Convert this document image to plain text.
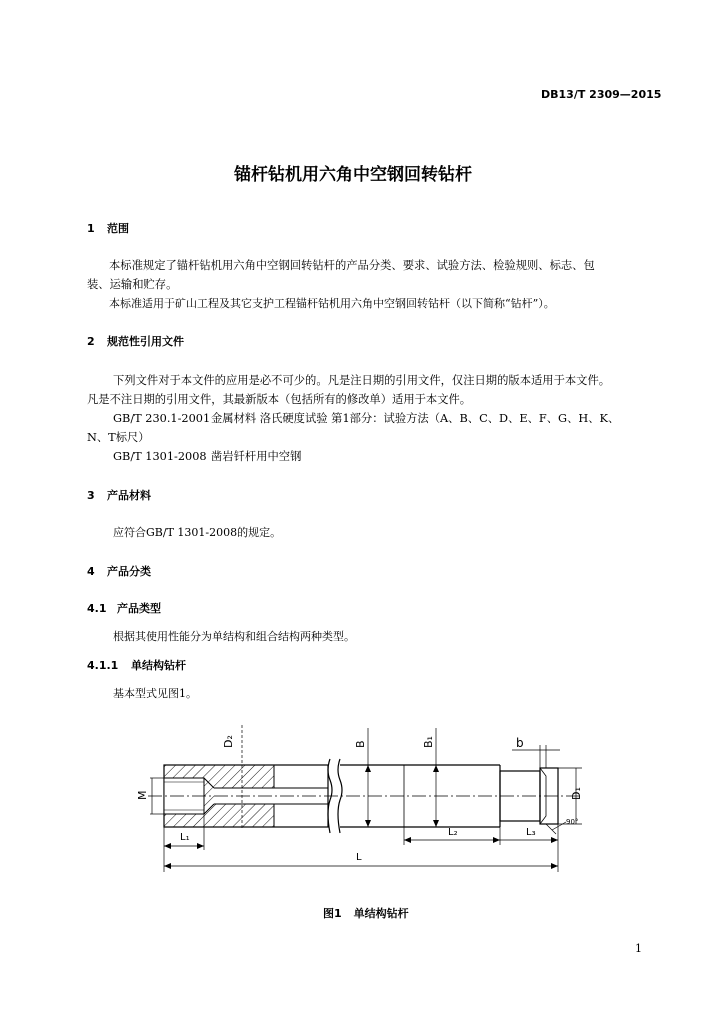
DB13/T 2309—2015
锚杆钻机用六角中空钢回转钻杆
1 范围
本标准规定了锚杆钻机用六角中空钢回转钻杆的产品分类、要求、试验方法、检验规则、标志、包
装、运输和贮存。
本标准适用于矿山工程及其它支护工程锚杆钻机用六角中空钢回转钻杆（以下简称“钻杆”）。
2 规范性引用文件
下列文件对于本文件的应用是必不可少的。凡是注日期的引用文件，仅注日期的版本适用于本文件。
凡是不注日期的引用文件，其最新版本（包括所有的修改单）适用于本文件。
GB/T 230.1-2001金属材料 洛氏硬度试验 第1部分：试验方法（A、B、C、D、E、F、G、H、K、
N、T标尺）
GB/T 1301-2008 凿岩钎杆用中空钢
3 产品材料
应符合GB/T 1301-2008的规定。
4 产品分类
4.1 产品类型
根据其使用性能分为单结构和组合结构两种类型。
4.1.1 单结构钻杆
基本型式见图1。
D₂	B	B₁	b
M	D₁
90°
L₁	L₂	L₃
L
图1 单结构钻杆
1
